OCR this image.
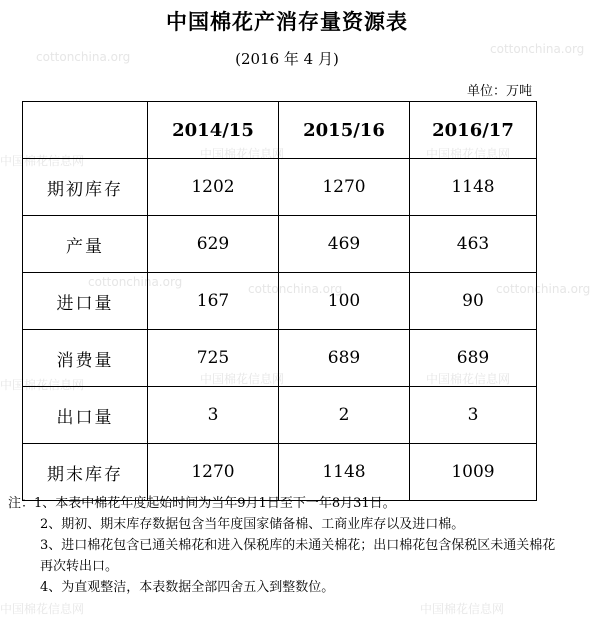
cottonchina.org
cottonchina.org
中国棉花信息网	中国棉花信息网	中国棉花信息网
cottonchina.org	cottonchina.org	cottonchina.org
中国棉花信息网	中国棉花信息网	中国棉花信息网
中国棉花信息网	中国棉花信息网
中国棉花产消存量资源表
(2016 年 4 月)
单位：万吨
	2014/15	2015/16	2016/17
期初库存	1202	1270	1148
产量	629	469	463
进口量	167	100	90
消费量	725	689	689
出口量	3	2	3
期末库存	1270	1148	1009
注：1、本表中棉花年度起始时间为当年9月1日至下一年8月31日。
2、期初、期末库存数据包含当年度国家储备棉、工商业库存以及进口棉。
3、进口棉花包含已通关棉花和进入保税库的未通关棉花；出口棉花包含保税区未通关棉花再次转出口。
4、为直观整洁，本表数据全部四舍五入到整数位。
